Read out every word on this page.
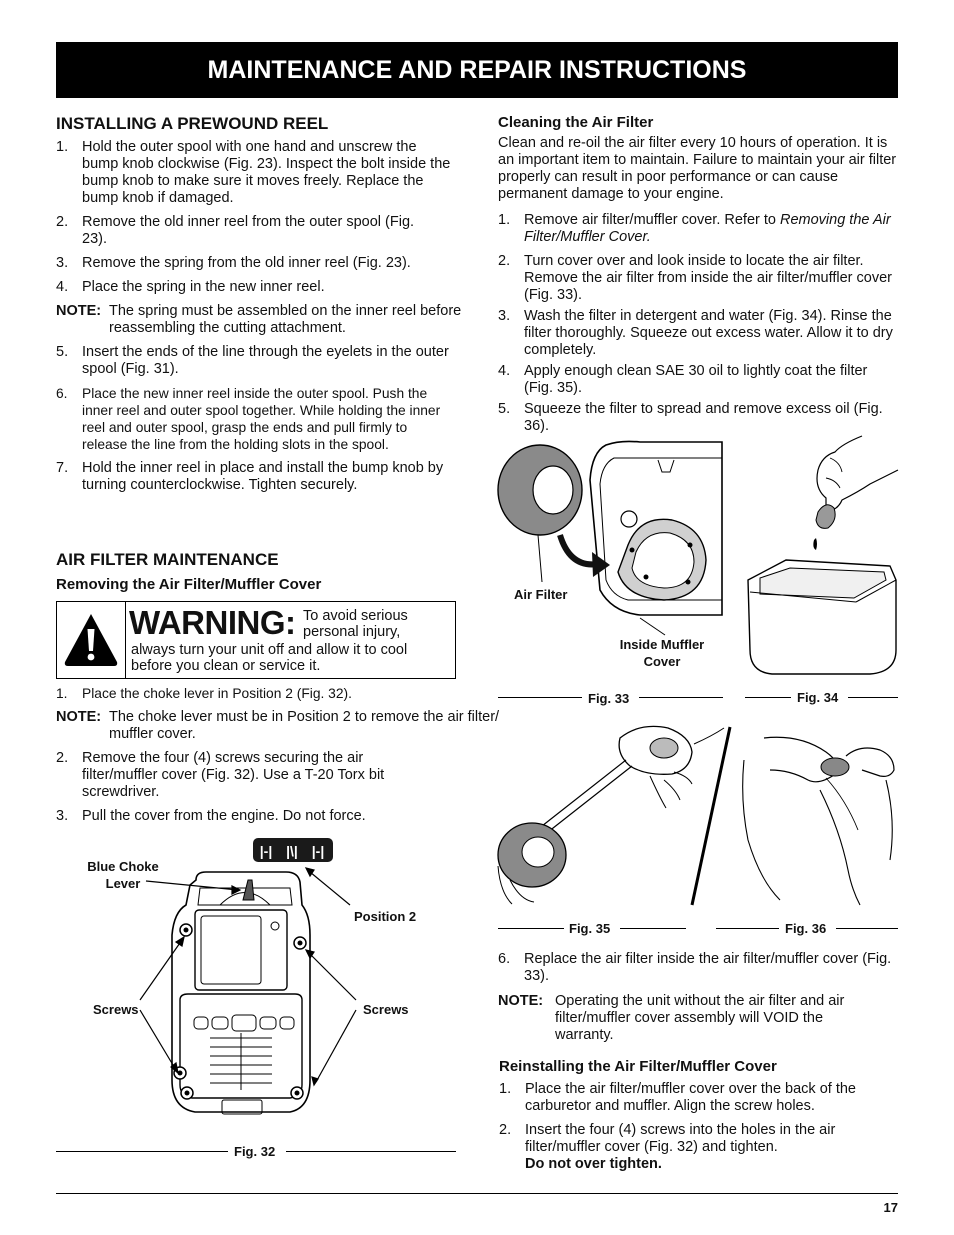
MAINTENANCE AND REPAIR INSTRUCTIONS
INSTALLING A PREWOUND REEL
1. Hold the outer spool with one hand and unscrew the bump knob clockwise (Fig. 23). Inspect the bolt inside the bump knob to make sure it moves freely. Replace the bump knob if damaged.
2. Remove the old inner reel from the outer spool (Fig. 23).
3. Remove the spring from the old inner reel (Fig. 23).
4. Place the spring in the new inner reel.
NOTE: The spring must be assembled on the inner reel before reassembling the cutting attachment.
5. Insert the ends of the line through the eyelets in the outer spool (Fig. 31).
6. Place the new inner reel inside the outer spool. Push the inner reel and outer spool together. While holding the inner reel and outer spool, grasp the ends and pull firmly to release the line from the holding slots in the spool.
7. Hold the inner reel in place and install the bump knob by turning counterclockwise. Tighten securely.
AIR FILTER MAINTENANCE
Removing the Air Filter/Muffler Cover
WARNING: To avoid serious personal injury,
always turn your unit off and allow it to cool before you clean or service it.
1. Place the choke lever in Position 2 (Fig. 32).
NOTE: The choke lever must be in Position 2 to remove the air filter/ muffler cover.
2. Remove the four (4) screws securing the air filter/muffler cover (Fig. 32). Use a T-20 Torx bit screwdriver.
3. Pull the cover from the engine. Do not force.
Blue Choke Lever
Position 2
Screws	Screws
|-| |\| |-|
Fig. 32
Cleaning the Air Filter
Clean and re-oil the air filter every 10 hours of operation. It is an important item to maintain. Failure to maintain your air filter properly can result in poor performance or can cause permanent damage to your engine.
1. Remove air filter/muffler cover. Refer to Removing the Air Filter/Muffler Cover.
2. Turn cover over and look inside to locate the air filter. Remove the air filter from inside the air filter/muffler cover (Fig. 33).
3. Wash the filter in detergent and water (Fig. 34). Rinse the filter thoroughly. Squeeze out excess water. Allow it to dry completely.
4. Apply enough clean SAE 30 oil to lightly coat the filter (Fig. 35).
5. Squeeze the filter to spread and remove excess oil (Fig. 36).
Air Filter
Inside Muffler Cover
Fig. 33	Fig. 34
Fig. 35	Fig. 36
6. Replace the air filter inside the air filter/muffler cover (Fig. 33).
NOTE: Operating the unit without the air filter and air filter/muffler cover assembly will VOID the warranty.
Reinstalling the Air Filter/Muffler Cover
1. Place the air filter/muffler cover over the back of the carburetor and muffler. Align the screw holes.
2. Insert the four (4) screws into the holes in the air filter/muffler cover (Fig. 32) and tighten.
Do not over tighten.
17
